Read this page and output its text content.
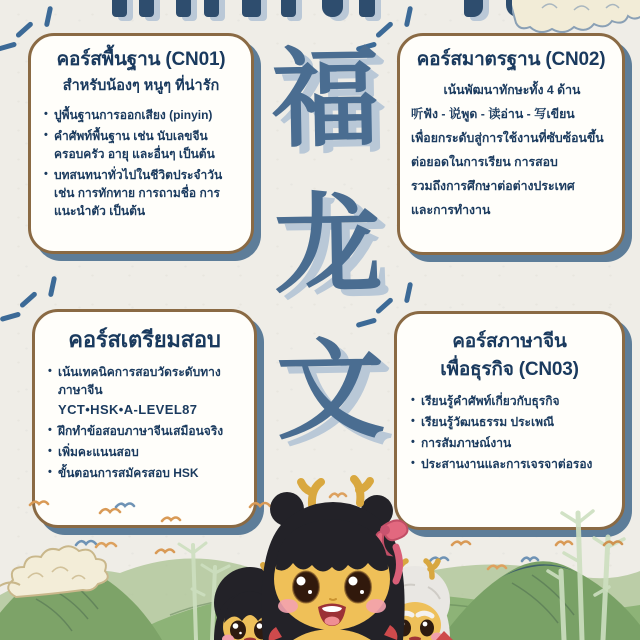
福
龙
文
คอร์สพื้นฐาน (CN01)
สำหรับน้องๆ หนูๆ ที่น่ารัก
• ปูพื้นฐานการออกเสียง (pinyin)
• คำศัพท์พื้นฐาน เช่น นับเลขจีน ครอบครัว อายุ และอื่นๆ เป็นต้น
• บทสนทนาทั่วไปในชีวิตประจำวัน เช่น การทักทาย การถามชื่อ การแนะนำตัว เป็นต้น
คอร์สมาตรฐาน (CN02)
เน้นพัฒนาทักษะทั้ง 4 ด้าน
听ฟัง - 说พูด - 读อ่าน - 写เขียน
เพื่อยกระดับสู่การใช้งานที่ซับซ้อนขึ้น
ต่อยอดในการเรียน การสอบ
รวมถึงการศึกษาต่อต่างประเทศ
และการทำงาน
คอร์สเตรียมสอบ
• เน้นเทคนิคการสอบวัดระดับทางภาษาจีน
YCT•HSK•A-LEVEL87
• ฝึกทำข้อสอบภาษาจีนเสมือนจริง
• เพิ่มคะแนนสอบ
• ขั้นตอนการสมัครสอบ HSK
คอร์สภาษาจีน
เพื่อธุรกิจ (CN03)
• เรียนรู้คำศัพท์เกี่ยวกับธุรกิจ
• เรียนรู้วัฒนธรรม ประเพณี
• การสัมภาษณ์งาน
• ประสานงานและการเจรจาต่อรอง
